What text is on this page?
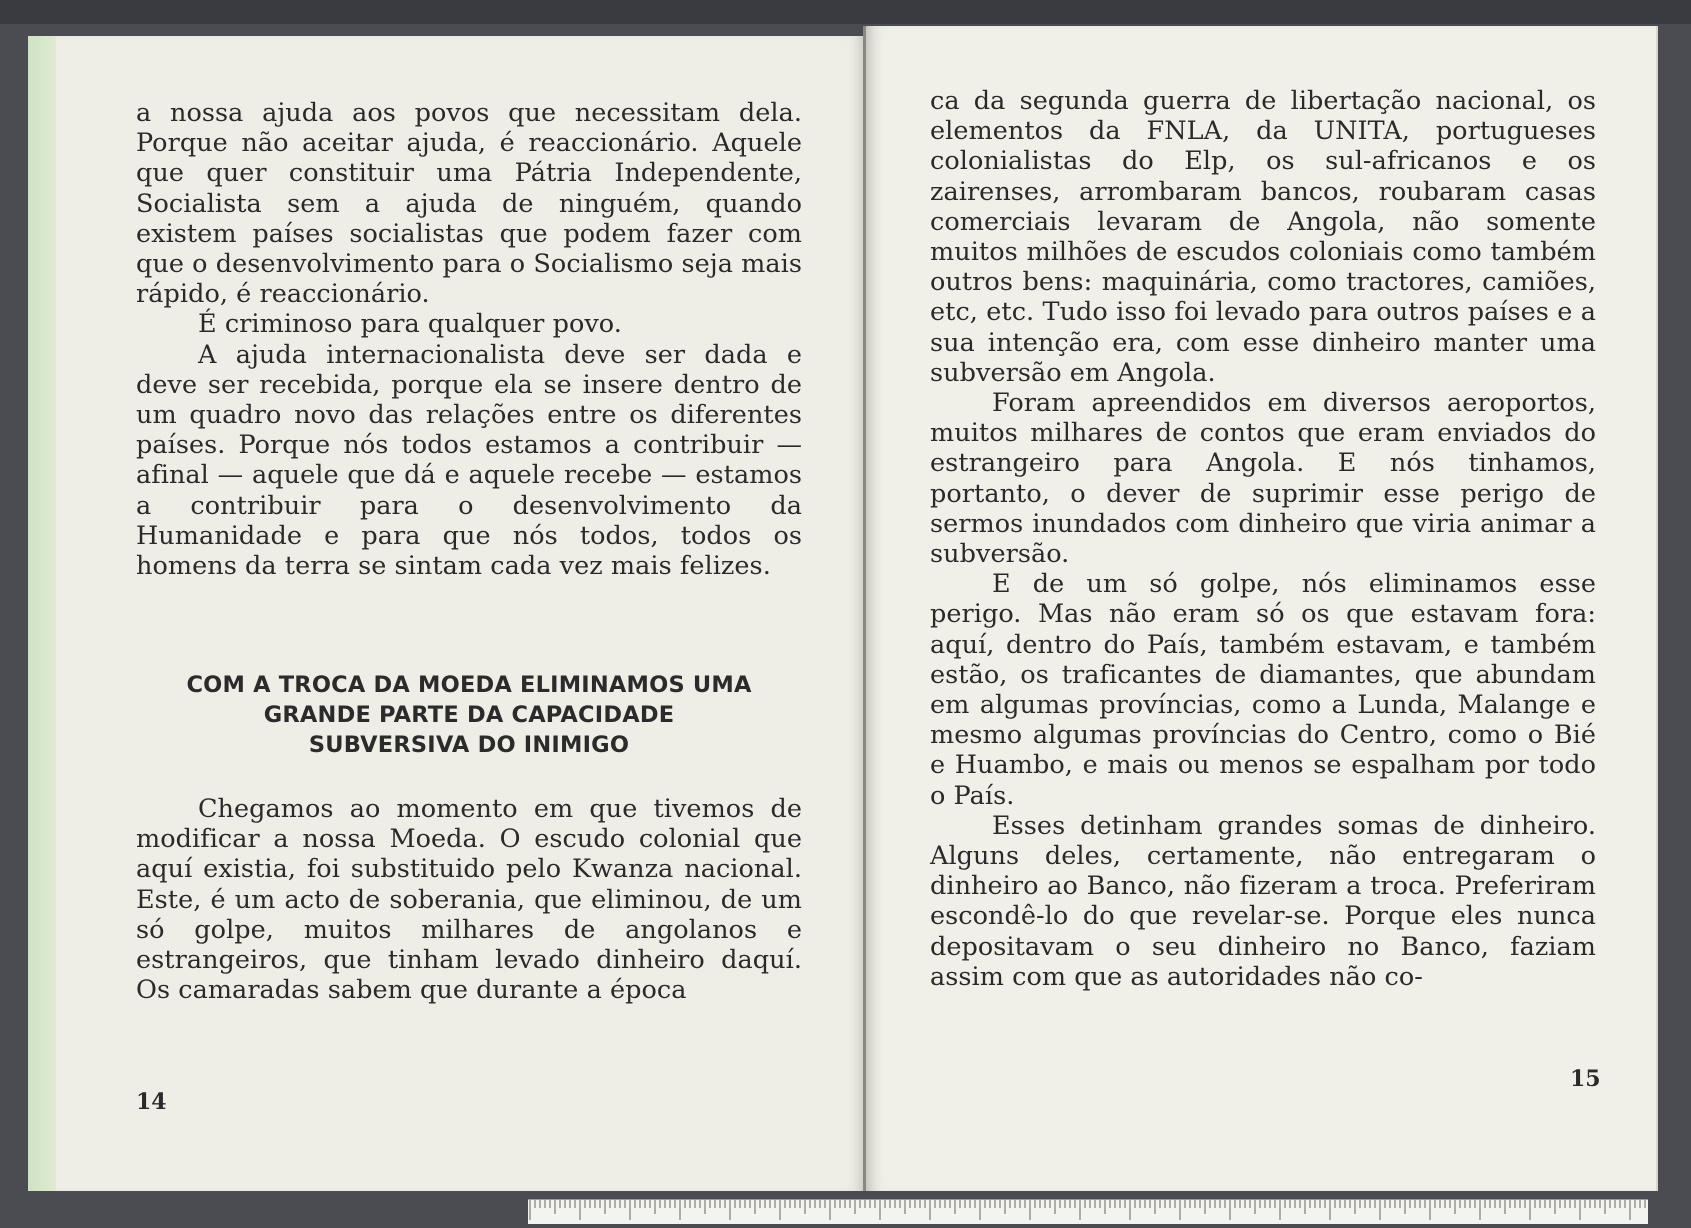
a nossa ajuda aos povos que necessitam dela. Porque não aceitar ajuda, é reaccionário. Aquele que quer constituir uma Pátria Independente, Socialista sem a ajuda de ninguém, quando existem países socialistas que podem fazer com que o desenvolvimento para o Socialismo seja mais rápido, é reaccionário.

É criminoso para qualquer povo.

A ajuda internacionalista deve ser dada e deve ser recebida, porque ela se insere dentro de um quadro novo das relações entre os diferentes países. Porque nós todos estamos a contribuir — afinal — aquele que dá e aquele recebe — estamos a contribuir para o desenvolvimento da Humanidade e para que nós todos, todos os homens da terra se sintam cada vez mais felizes.

COM A TROCA DA MOEDA ELIMINAMOS UMA
GRANDE PARTE DA CAPACIDADE
SUBVERSIVA DO INIMIGO

Chegamos ao momento em que tivemos de modificar a nossa Moeda. O escudo colonial que aquí existia, foi substituido pelo Kwanza nacional. Este, é um acto de soberania, que eliminou, de um só golpe, muitos milhares de angolanos e estrangeiros, que tinham levado dinheiro daquí. Os camaradas sabem que durante a época

14

ca da segunda guerra de libertação nacional, os elementos da FNLA, da UNITA, portugueses colonialistas do Elp, os sul-africanos e os zairenses, arrombaram bancos, roubaram casas comerciais levaram de Angola, não somente muitos milhões de escudos coloniais como também outros bens: maquinária, como tractores, camiões, etc, etc. Tudo isso foi levado para outros países e a sua intenção era, com esse dinheiro manter uma subversão em Angola.

Foram apreendidos em diversos aeroportos, muitos milhares de contos que eram enviados do estrangeiro para Angola. E nós tinhamos, portanto, o dever de suprimir esse perigo de sermos inundados com dinheiro que viria animar a subversão.

E de um só golpe, nós eliminamos esse perigo. Mas não eram só os que estavam fora: aquí, dentro do País, também estavam, e também estão, os traficantes de diamantes, que abundam em algumas províncias, como a Lunda, Malange e mesmo algumas províncias do Centro, como o Bié e Huambo, e mais ou menos se espalham por todo o País.

Esses detinham grandes somas de dinheiro. Alguns deles, certamente, não entregaram o dinheiro ao Banco, não fizeram a troca. Preferiram escondê-lo do que revelar-se. Porque eles nunca depositavam o seu dinheiro no Banco, faziam assim com que as autoridades não co-

15
